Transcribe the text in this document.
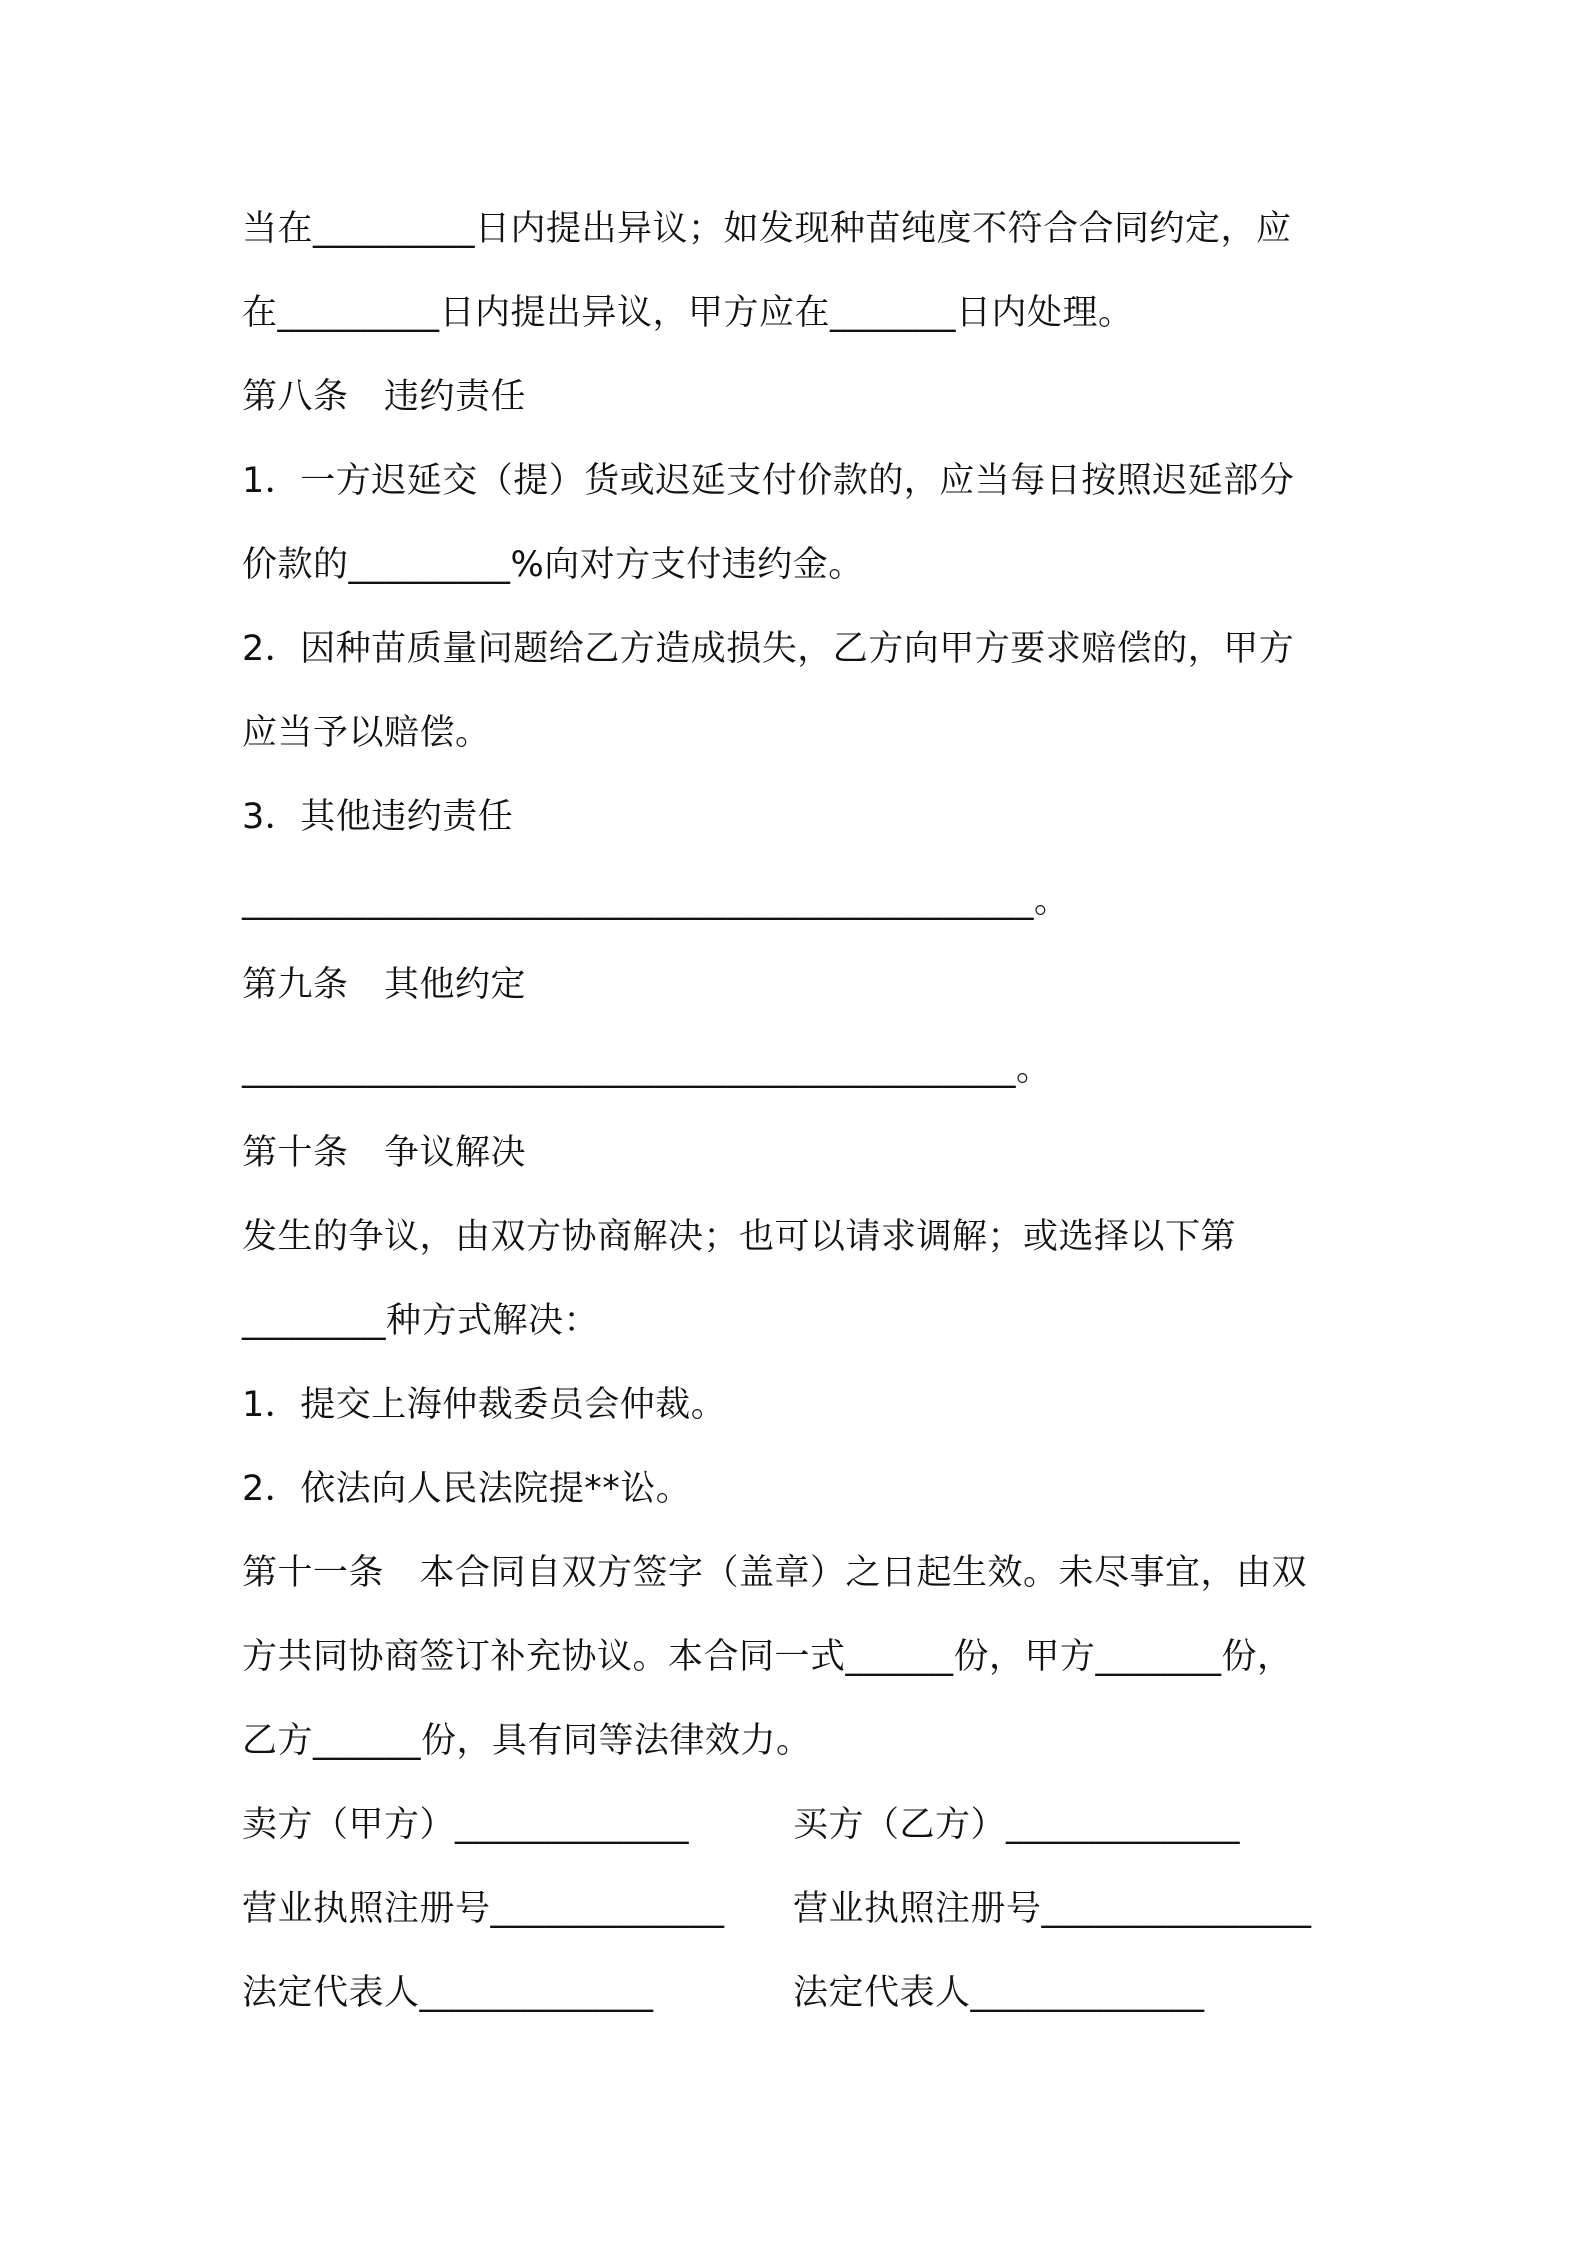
当在_________日内提出异议；如发现种苗纯度不符合合同约定，应
在_________日内提出异议，甲方应在_______日内处理。
第八条　违约责任
1．一方迟延交（提）货或迟延支付价款的，应当每日按照迟延部分
价款的_________%向对方支付违约金。
2．因种苗质量问题给乙方造成损失，乙方向甲方要求赔偿的，甲方
应当予以赔偿。
3．其他违约责任
____________________________________________。
第九条　其他约定
___________________________________________。
第十条　争议解决
发生的争议，由双方协商解决；也可以请求调解；或选择以下第
________种方式解决：
1．提交上海仲裁委员会仲裁。
2．依法向人民法院提**讼。
第十一条　本合同自双方签字（盖章）之日起生效。未尽事宜，由双
方共同协商签订补充协议。本合同一式______份，甲方_______份，
乙方______份，具有同等法律效力。
卖方（甲方）_____________	买方（乙方）_____________
营业执照注册号_____________ 营业执照注册号_______________
法定代表人_____________	法定代表人_____________
